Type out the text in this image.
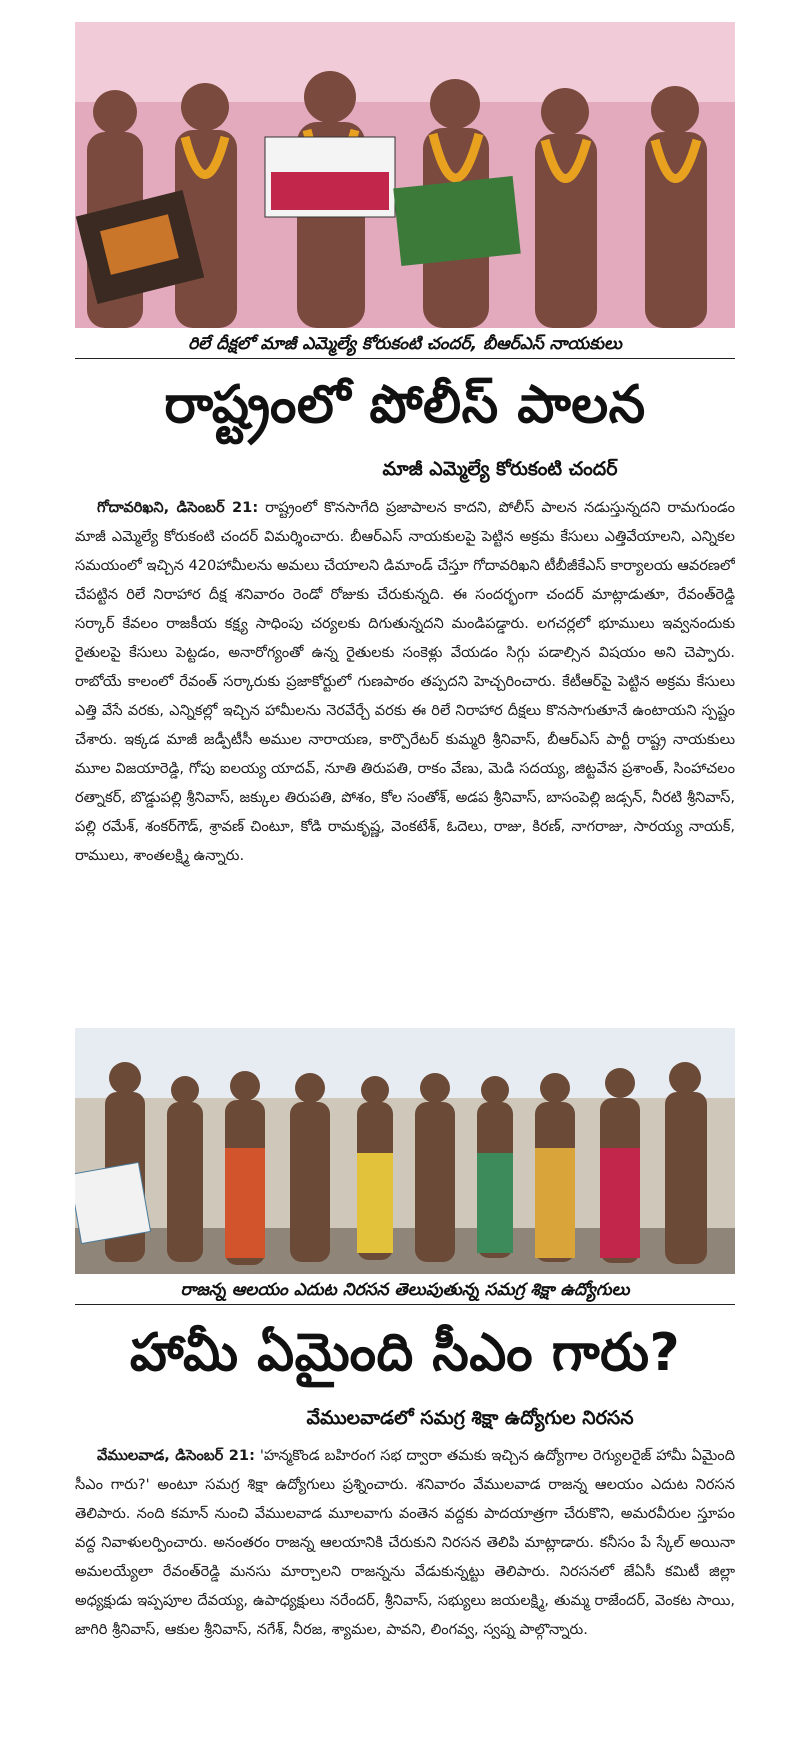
రిలే దీక్షలో మాజీ ఎమ్మెల్యే కోరుకంటి చందర్, బీఆర్ఎస్ నాయకులు
రాష్ట్రంలో పోలీస్ పాలన
మాజీ ఎమ్మెల్యే కోరుకంటి చందర్
గోదావరిఖని, డిసెంబర్ 21: రాష్ట్రంలో కొనసాగేది ప్రజాపాలన కాదని, పోలీస్ పాలన నడుస్తున్నదని రామగుండం మాజీ ఎమ్మెల్యే కోరుకంటి చందర్ విమర్శించారు. బీఆర్ఎస్ నాయకులపై పెట్టిన అక్రమ కేసులు ఎత్తివేయాలని, ఎన్నికల సమయంలో ఇచ్చిన 420హామీలను అమలు చేయాలని డిమాండ్ చేస్తూ గోదావరిఖని టీబీజీకేఎస్ కార్యాలయ ఆవరణలో చేపట్టిన రిలే నిరాహార దీక్ష శనివారం రెండో రోజుకు చేరుకున్నది. ఈ సందర్భంగా చందర్ మాట్లాడుతూ, రేవంత్‌రెడ్డి సర్కార్ కేవలం రాజకీయ కక్ష్య సాధింపు చర్యలకు దిగుతున్నదని మండిపడ్డారు. లగచర్లలో భూములు ఇవ్వనందుకు రైతులపై కేసులు పెట్టడం, అనారోగ్యంతో ఉన్న రైతులకు సంకెళ్లు వేయడం సిగ్గు పడాల్సిన విషయం అని చెప్పారు. రాబోయే కాలంలో రేవంత్ సర్కారుకు ప్రజాకోర్టులో గుణపాఠం తప్పదని హెచ్చరించారు. కేటీఆర్‌పై పెట్టిన అక్రమ కేసులు ఎత్తి వేసే వరకు, ఎన్నికల్లో ఇచ్చిన హామీలను నెరవేర్చే వరకు ఈ రిలే నిరాహార దీక్షలు కొనసాగుతూనే ఉంటాయని స్పష్టం చేశారు. ఇక్కడ మాజీ జడ్పీటీసీ అముల నారాయణ, కార్పొరేటర్ కుమ్మరి శ్రీనివాస్, బీఆర్ఎస్ పార్టీ రాష్ట్ర నాయకులు మూల విజయారెడ్డి, గోపు ఐలయ్య యాదవ్, నూతి తిరుపతి, రాకం వేణు, మెడి సదయ్య, జిట్టవేన ప్రశాంత్, సింహాచలం రత్నాకర్, బొడ్డుపల్లి శ్రీనివాస్, జక్కుల తిరుపతి, పోశం, కోల సంతోశ్, అడప శ్రీనివాస్, బాసంపెల్లి జడ్సన్, నీరటి శ్రీనివాస్, పల్లి రమేశ్, శంకర్‌గౌడ్, శ్రావణ్ చింటూ, కోడి రామకృష్ణ, వెంకటేశ్, ఓదెలు, రాజు, కిరణ్, నాగరాజు, సారయ్య నాయక్, రాములు, శాంతలక్ష్మి ఉన్నారు.
రాజన్న ఆలయం ఎదుట నిరసన తెలుపుతున్న సమగ్ర శిక్షా ఉద్యోగులు
హామీ ఏమైంది సీఎం గారు?
వేములవాడలో సమగ్ర శిక్షా ఉద్యోగుల నిరసన
వేములవాడ, డిసెంబర్ 21: 'హన్మకొండ బహిరంగ సభ ద్వారా తమకు ఇచ్చిన ఉద్యోగాల రెగ్యులరైజ్ హామీ ఏమైంది సీఎం గారు?' అంటూ సమగ్ర శిక్షా ఉద్యోగులు ప్రశ్నించారు. శనివారం వేములవాడ రాజన్న ఆలయం ఎదుట నిరసన తెలిపారు. నంది కమాన్ నుంచి వేములవాడ మూలవాగు వంతెన వద్దకు పాదయాత్రగా చేరుకొని, అమరవీరుల స్తూపం వద్ద నివాళులర్పించారు. అనంతరం రాజన్న ఆలయానికి చేరుకుని నిరసన తెలిపి మాట్లాడారు. కనీసం పే స్కేల్ అయినా అమలయ్యేలా రేవంత్‌రెడ్డి మనసు మార్చాలని రాజన్నను వేడుకున్నట్టు తెలిపారు. నిరసనలో జేఏసీ కమిటీ జిల్లా అధ్యక్షుడు ఇప్పపూల దేవయ్య, ఉపాధ్యక్షులు నరేందర్, శ్రీనివాస్, సభ్యులు జయలక్ష్మి, తుమ్మ రాజేందర్, వెంకట సాయి, జాగిరి శ్రీనివాస్, ఆకుల శ్రీనివాస్, నగేశ్, నీరజ, శ్యామల, పావని, లింగవ్వ, స్వప్న పాల్గొన్నారు.
